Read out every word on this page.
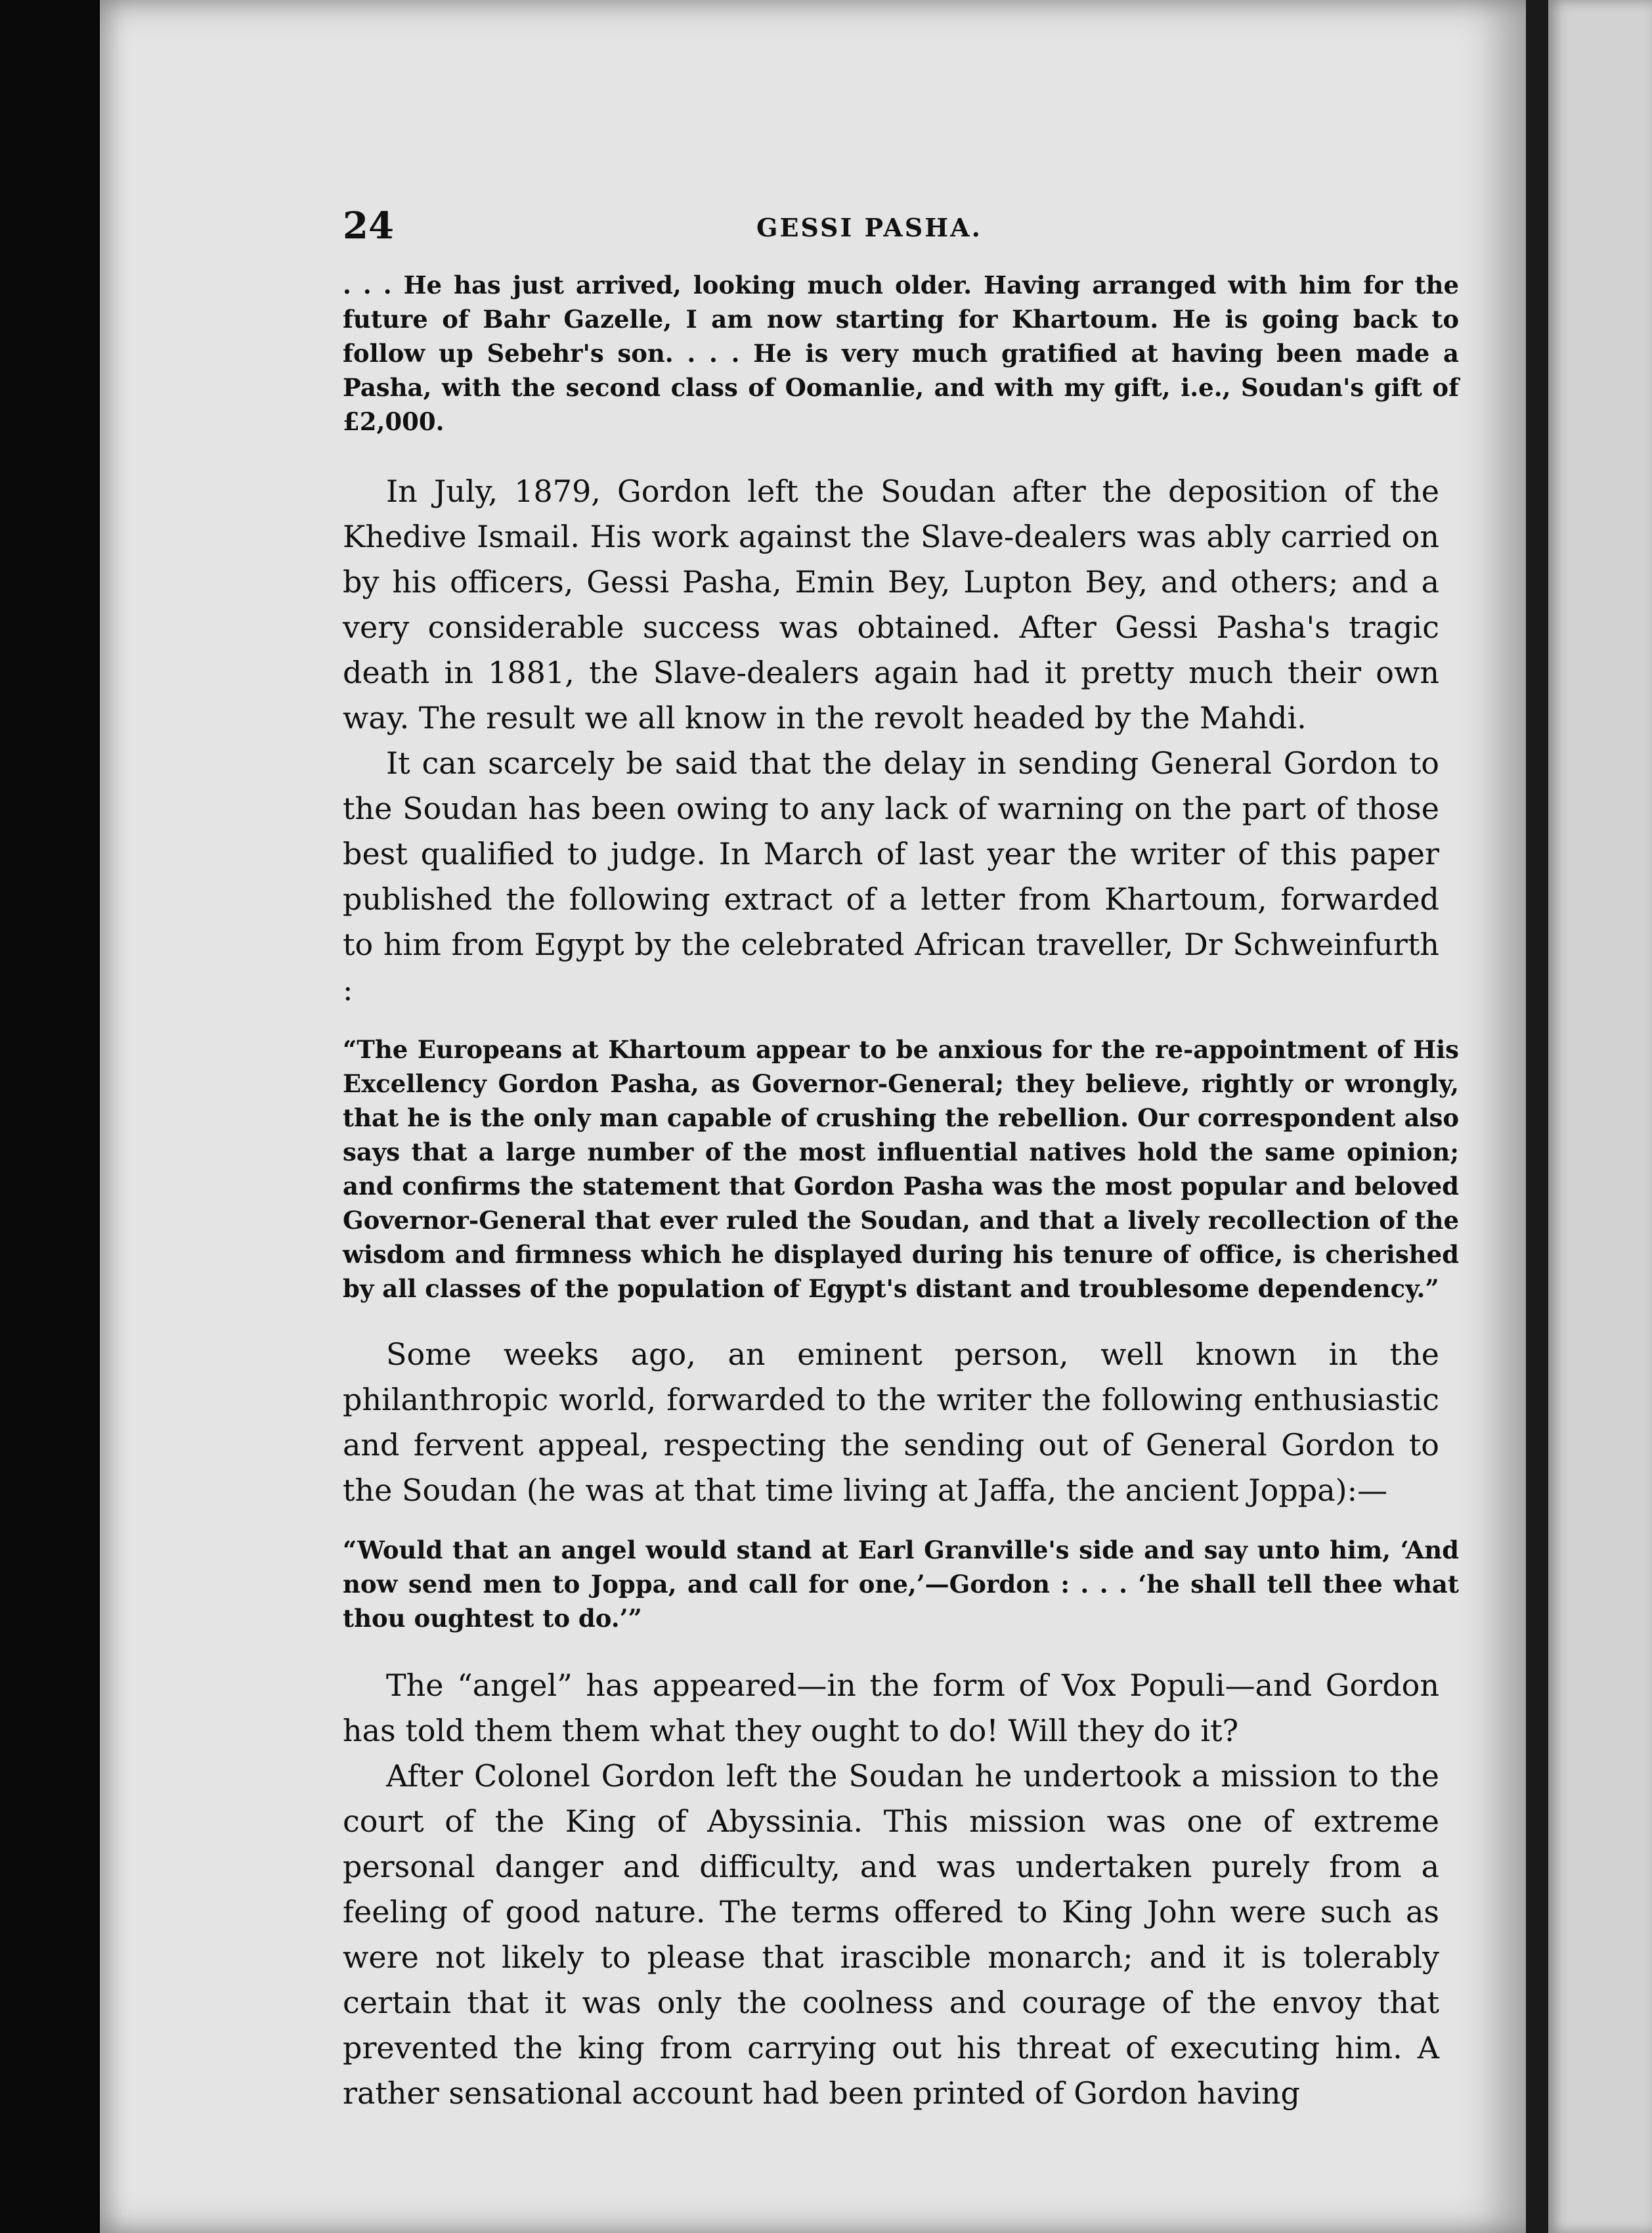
24	GESSI PASHA.

. . . He has just arrived, looking much older. Having arranged with him for the future of Bahr Gazelle, I am now starting for Khartoum. He is going back to follow up Sebehr's son. . . . He is very much gratified at having been made a Pasha, with the second class of Oomanlie, and with my gift, i.e., Soudan's gift of £2,000.

In July, 1879, Gordon left the Soudan after the deposition of the Khedive Ismail. His work against the Slave-dealers was ably carried on by his officers, Gessi Pasha, Emin Bey, Lupton Bey, and others; and a very considerable success was obtained. After Gessi Pasha's tragic death in 1881, the Slave-dealers again had it pretty much their own way. The result we all know in the revolt headed by the Mahdi.

It can scarcely be said that the delay in sending General Gordon to the Soudan has been owing to any lack of warning on the part of those best qualified to judge. In March of last year the writer of this paper published the following extract of a letter from Khartoum, forwarded to him from Egypt by the celebrated African traveller, Dr Schweinfurth :

“The Europeans at Khartoum appear to be anxious for the re-appointment of His Excellency Gordon Pasha, as Governor-General; they believe, rightly or wrongly, that he is the only man capable of crushing the rebellion. Our correspondent also says that a large number of the most influential natives hold the same opinion; and confirms the statement that Gordon Pasha was the most popular and beloved Governor-General that ever ruled the Soudan, and that a lively recollection of the wisdom and firmness which he displayed during his tenure of office, is cherished by all classes of the population of Egypt's distant and troublesome dependency.”

Some weeks ago, an eminent person, well known in the philanthropic world, forwarded to the writer the following enthusiastic and fervent appeal, respecting the sending out of General Gordon to the Soudan (he was at that time living at Jaffa, the ancient Joppa):—

“Would that an angel would stand at Earl Granville's side and say unto him, ‘And now send men to Joppa, and call for one,’—Gordon : . . . ‘he shall tell thee what thou oughtest to do.’”

The “angel” has appeared—in the form of Vox Populi—and Gordon has told them them what they ought to do! Will they do it?

After Colonel Gordon left the Soudan he undertook a mission to the court of the King of Abyssinia. This mission was one of extreme personal danger and difficulty, and was undertaken purely from a feeling of good nature. The terms offered to King John were such as were not likely to please that irascible monarch; and it is tolerably certain that it was only the coolness and courage of the envoy that prevented the king from carrying out his threat of executing him. A rather sensational account had been printed of Gordon having
